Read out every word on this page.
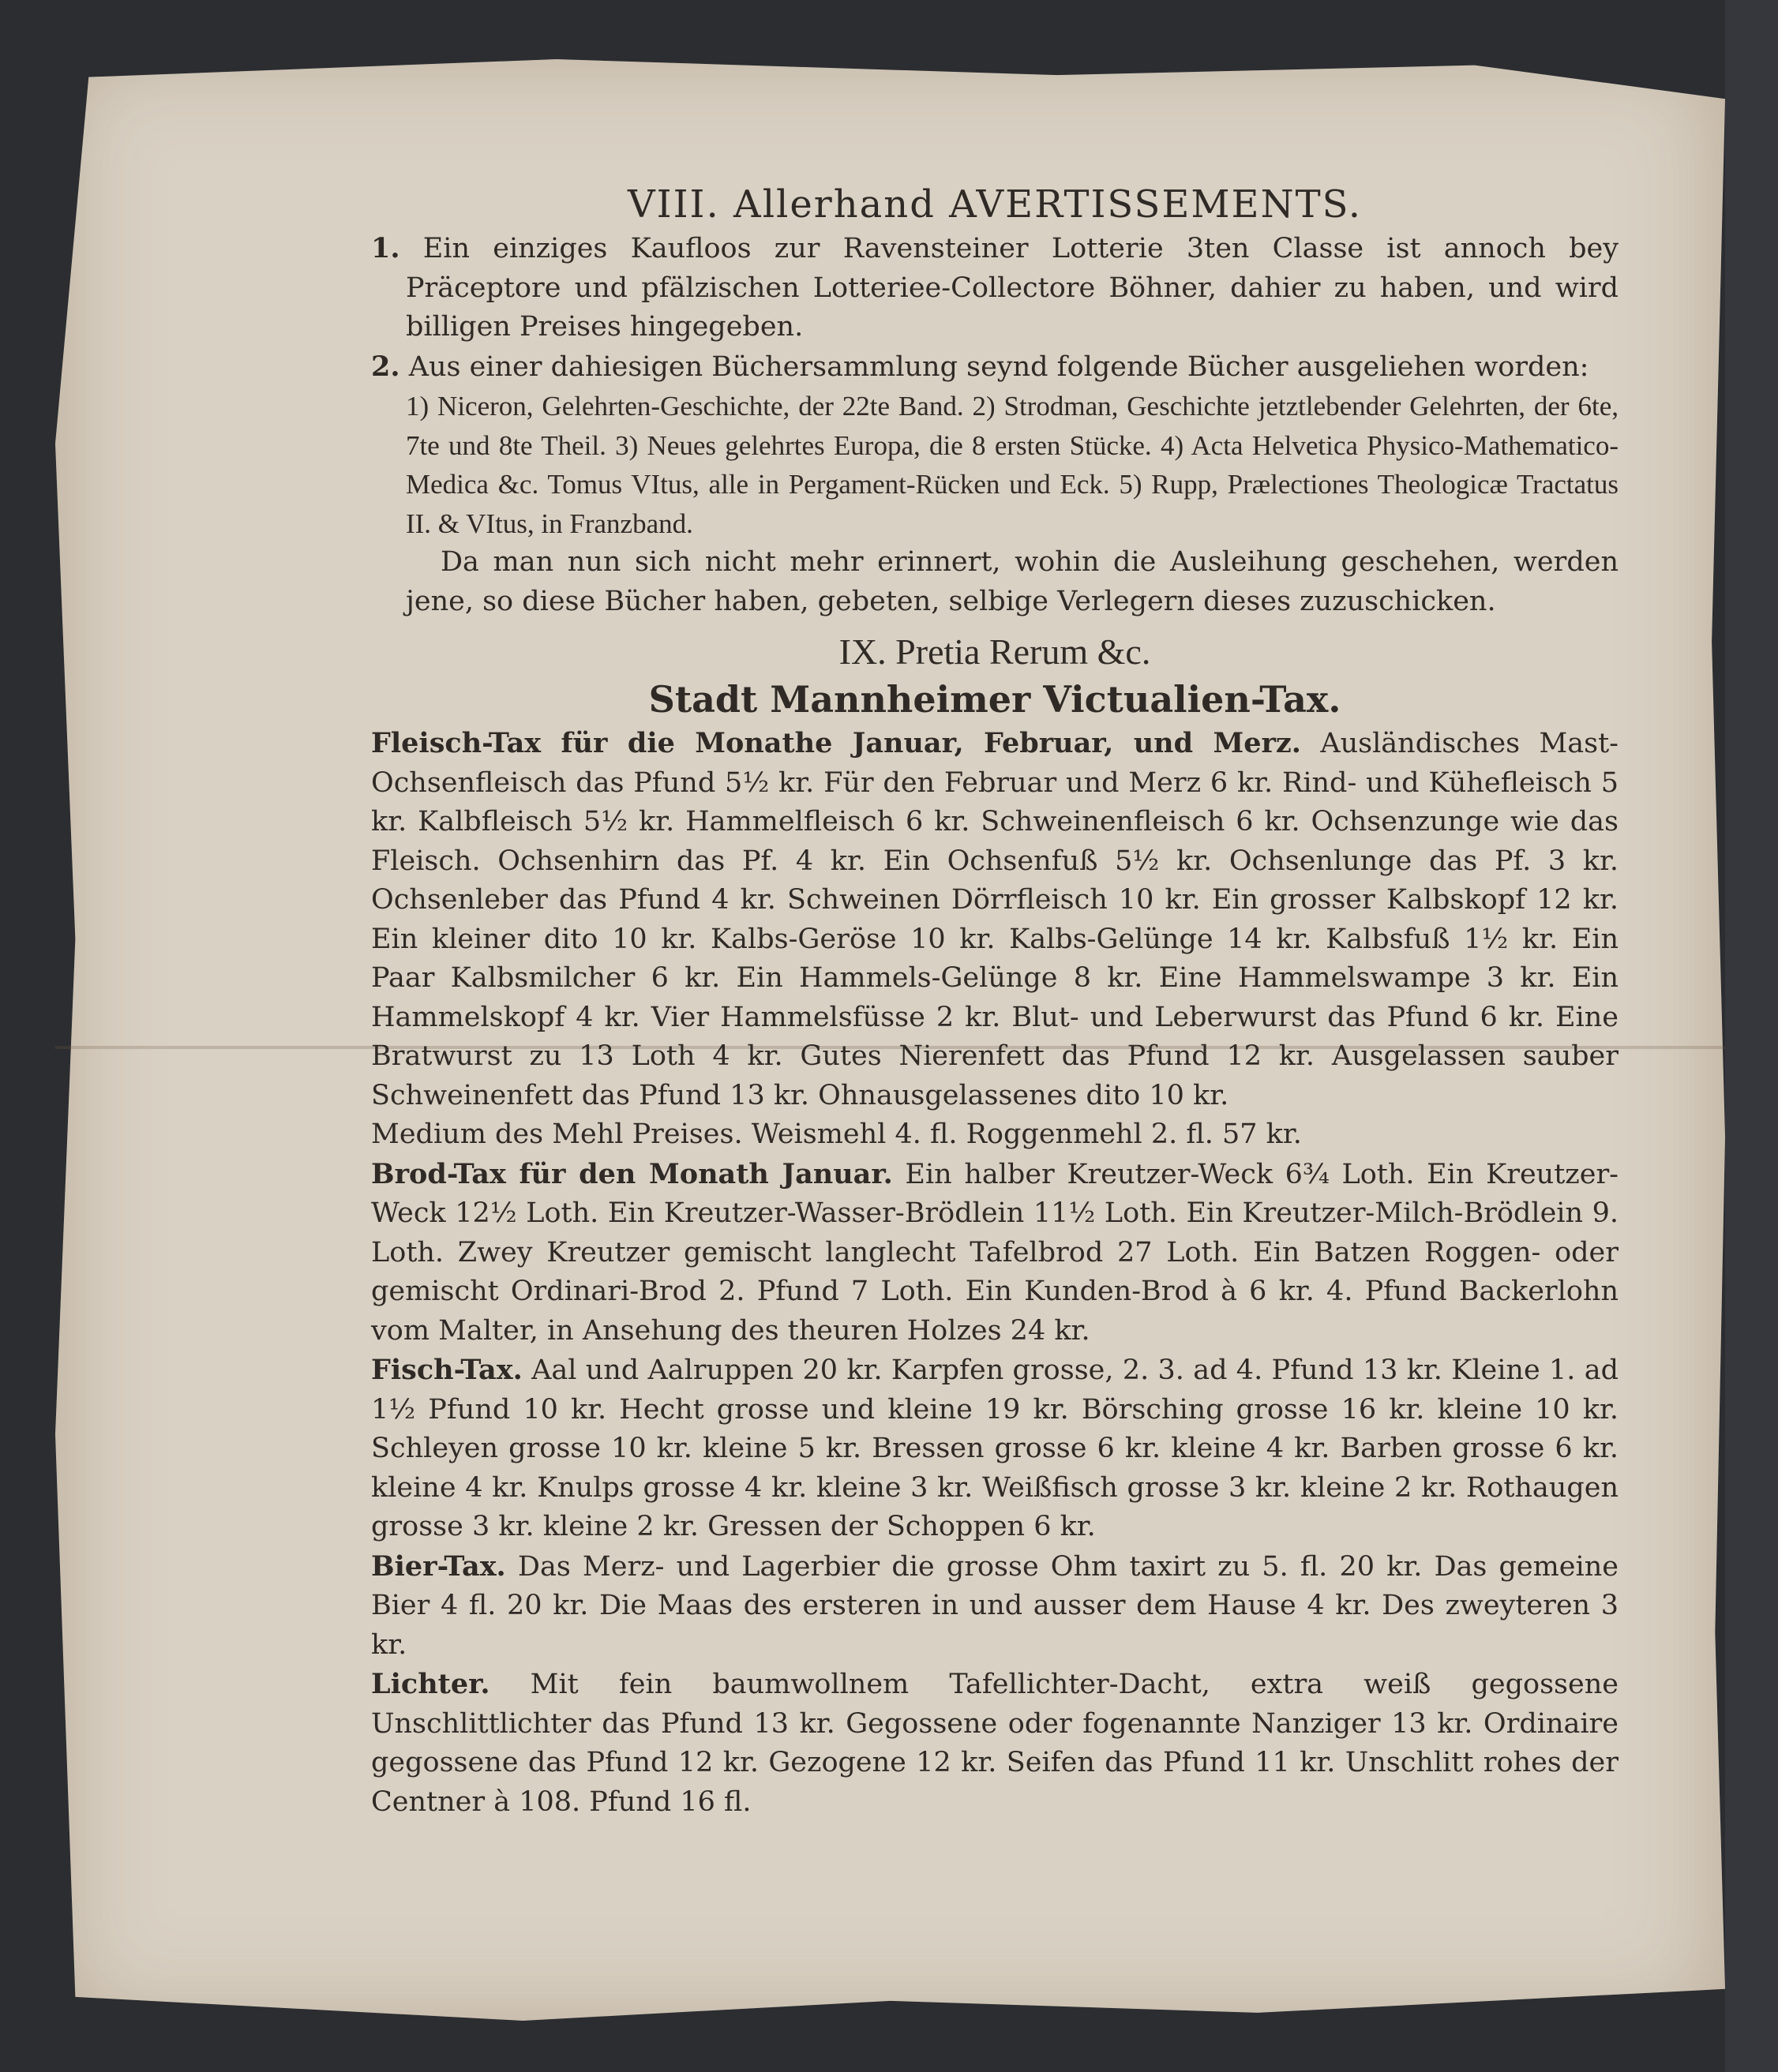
VIII. Allerhand AVERTISSEMENTS.

1. Ein einziges Kaufloos zur Ravensteiner Lotterie 3ten Classe ist annoch bey Präceptore und pfälzischen Lotteriee-Collectore Böhner, dahier zu haben, und wird billigen Preises hingegeben.

2. Aus einer dahiesigen Büchersammlung seynd folgende Bücher ausgeliehen worden:

1) Niceron, Gelehrten-Geschichte, der 22te Band. 2) Strodman, Geschichte jetztlebender Gelehrten, der 6te, 7te und 8te Theil. 3) Neues gelehrtes Europa, die 8 ersten Stücke. 4) Acta Helvetica Physico-Mathematico-Medica &c. Tomus VItus, alle in Pergament-Rücken und Eck. 5) Rupp, Prælectiones Theologicæ Tractatus II. & VItus, in Franzband.

Da man nun sich nicht mehr erinnert, wohin die Ausleihung geschehen, werden jene, so diese Bücher haben, gebeten, selbige Verlegern dieses zuzuschicken.

IX. Pretia Rerum &c.
Stadt Mannheimer Victualien-Tax.

Fleisch-Tax für die Monathe Januar, Februar, und Merz. Ausländisches Mast-Ochsenfleisch das Pfund 5½ kr. Für den Februar und Merz 6 kr. Rind- und Kühefleisch 5 kr. Kalbfleisch 5½ kr. Hammelfleisch 6 kr. Schweinenfleisch 6 kr. Ochsenzunge wie das Fleisch. Ochsenhirn das Pf. 4 kr. Ein Ochsenfuß 5½ kr. Ochsenlunge das Pf. 3 kr. Ochsenleber das Pfund 4 kr. Schweinen Dörrfleisch 10 kr. Ein grosser Kalbskopf 12 kr. Ein kleiner dito 10 kr. Kalbs-Geröse 10 kr. Kalbs-Gelünge 14 kr. Kalbsfuß 1½ kr. Ein Paar Kalbsmilcher 6 kr. Ein Hammels-Gelünge 8 kr. Eine Hammelswampe 3 kr. Ein Hammelskopf 4 kr. Vier Hammelsfüsse 2 kr. Blut- und Leberwurst das Pfund 6 kr. Eine Bratwurst zu 13 Loth 4 kr. Gutes Nierenfett das Pfund 12 kr. Ausgelassen sauber Schweinenfett das Pfund 13 kr. Ohnausgelassenes dito 10 kr.

Medium des Mehl Preises. Weismehl 4. fl. Roggenmehl 2. fl. 57 kr.

Brod-Tax für den Monath Januar. Ein halber Kreutzer-Weck 6¾ Loth. Ein Kreutzer-Weck 12½ Loth. Ein Kreutzer-Wasser-Brödlein 11½ Loth. Ein Kreutzer-Milch-Brödlein 9. Loth. Zwey Kreutzer gemischt langlecht Tafelbrod 27 Loth. Ein Batzen Roggen- oder gemischt Ordinari-Brod 2. Pfund 7 Loth. Ein Kunden-Brod à 6 kr. 4. Pfund Backerlohn vom Malter, in Ansehung des theuren Holzes 24 kr.

Fisch-Tax. Aal und Aalruppen 20 kr. Karpfen grosse, 2. 3. ad 4. Pfund 13 kr. Kleine 1. ad 1½ Pfund 10 kr. Hecht grosse und kleine 19 kr. Börsching grosse 16 kr. kleine 10 kr. Schleyen grosse 10 kr. kleine 5 kr. Bressen grosse 6 kr. kleine 4 kr. Barben grosse 6 kr. kleine 4 kr. Knulps grosse 4 kr. kleine 3 kr. Weißfisch grosse 3 kr. kleine 2 kr. Rothaugen grosse 3 kr. kleine 2 kr. Gressen der Schoppen 6 kr.

Bier-Tax. Das Merz- und Lagerbier die grosse Ohm taxirt zu 5. fl. 20 kr. Das gemeine Bier 4 fl. 20 kr. Die Maas des ersteren in und ausser dem Hause 4 kr. Des zweyteren 3 kr.

Lichter. Mit fein baumwollnem Tafellichter-Dacht, extra weiß gegossene Unschlittlichter das Pfund 13 kr. Gegossene oder fogenannte Nanziger 13 kr. Ordinaire gegossene das Pfund 12 kr. Gezogene 12 kr. Seifen das Pfund 11 kr. Unschlitt rohes der Centner à 108. Pfund 16 fl.
